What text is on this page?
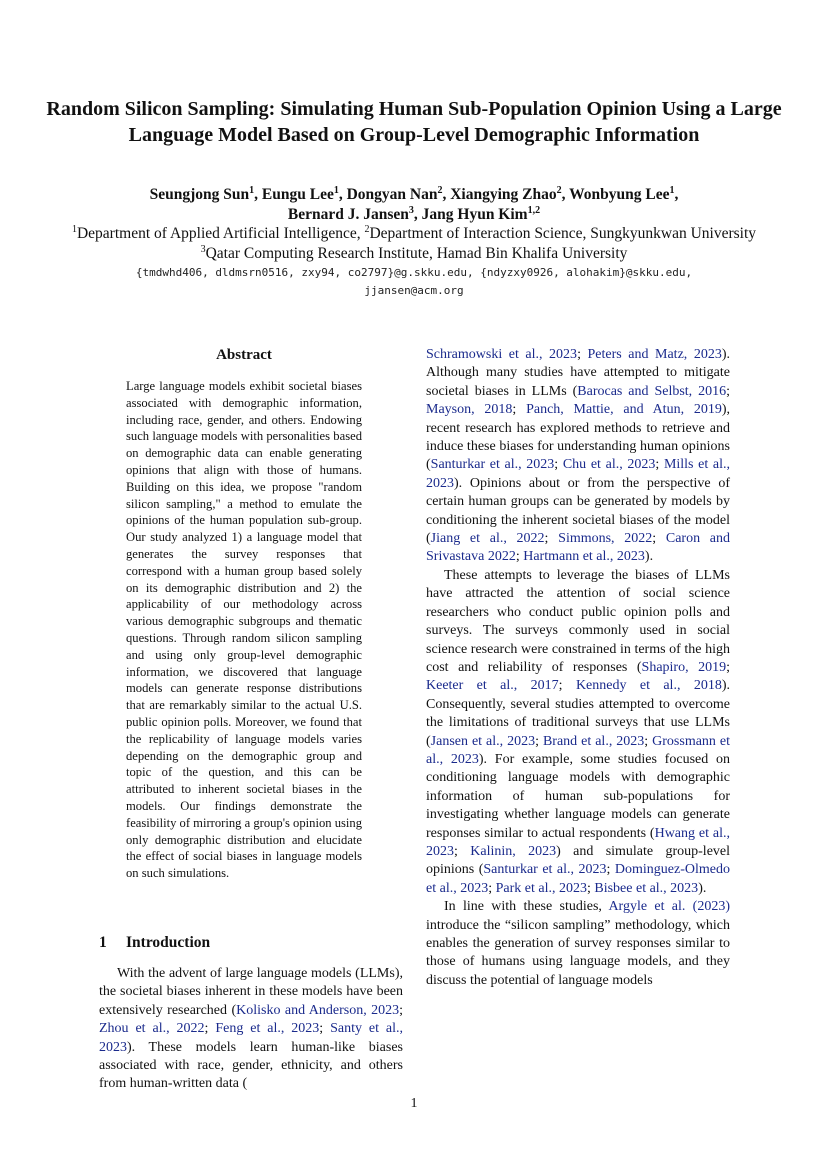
Random Silicon Sampling: Simulating Human Sub-Population Opinion Using a Large Language Model Based on Group-Level Demographic Information
Seungjong Sun$^1$, Eungu Lee$^1$, Dongyan Nan$^2$, Xiangying Zhao$^2$, Wonbyung Lee$^1$,
Bernard J. Jansen$^3$, Jang Hyun Kim$^{1,2}$
$^1$Department of Applied Artificial Intelligence, $^2$Department of Interaction Science, Sungkyunkwan University
$^3$Qatar Computing Research Institute, Hamad Bin Khalifa University
{tmdwhd406, dldmsrn0516, zxy94, co2797}@g.skku.edu, {ndyzxy0926, alohakim}@skku.edu,
jjansen@acm.org
Abstract
Large language models exhibit societal biases associated with demographic information, including race, gender, and others. Endowing such language models with personalities based on demographic data can enable generating opinions that align with those of humans. Building on this idea, we propose "random silicon sampling," a method to emulate the opinions of the human population sub-group. Our study analyzed 1) a language model that generates the survey responses that correspond with a human group based solely on its demographic distribution and 2) the applicability of our methodology across various demographic subgroups and thematic questions. Through random silicon sampling and using only group-level demographic information, we discovered that language models can generate response distributions that are remarkably similar to the actual U.S. public opinion polls. Moreover, we found that the replicability of language models varies depending on the demographic group and topic of the question, and this can be attributed to inherent societal biases in the models. Our findings demonstrate the feasibility of mirroring a group's opinion using only demographic distribution and elucidate the effect of social biases in language models on such simulations.
1 Introduction
With the advent of large language models (LLMs), the societal biases inherent in these models have been extensively researched (Kolisko and Anderson, 2023; Zhou et al., 2022; Feng et al., 2023; Santy et al., 2023). These models learn human-like biases associated with race, gender, ethnicity, and others from human-written data (

Schramowski et al., 2023; Peters and Matz, 2023). Although many studies have attempted to mitigate societal biases in LLMs (Barocas and Selbst, 2016; Mayson, 2018; Panch, Mattie, and Atun, 2019), recent research has explored methods to retrieve and induce these biases for understanding human opinions (Santurkar et al., 2023; Chu et al., 2023; Mills et al., 2023). Opinions about or from the perspective of certain human groups can be generated by models by conditioning the inherent societal biases of the model (Jiang et al., 2022; Simmons, 2022; Caron and Srivastava 2022; Hartmann et al., 2023).

These attempts to leverage the biases of LLMs have attracted the attention of social science researchers who conduct public opinion polls and surveys. The surveys commonly used in social science research were constrained in terms of the high cost and reliability of responses (Shapiro, 2019; Keeter et al., 2017; Kennedy et al., 2018). Consequently, several studies attempted to overcome the limitations of traditional surveys that use LLMs (Jansen et al., 2023; Brand et al., 2023; Grossmann et al., 2023). For example, some studies focused on conditioning language models with demographic information of human sub-populations for investigating whether language models can generate responses similar to actual respondents (Hwang et al., 2023; Kalinin, 2023) and simulate group-level opinions (Santurkar et al., 2023; Dominguez-Olmedo et al., 2023; Park et al., 2023; Bisbee et al., 2023).

In line with these studies, Argyle et al. (2023) introduce the “silicon sampling” methodology, which enables the generation of survey responses similar to those of humans using language models, and they discuss the potential of language models

1
